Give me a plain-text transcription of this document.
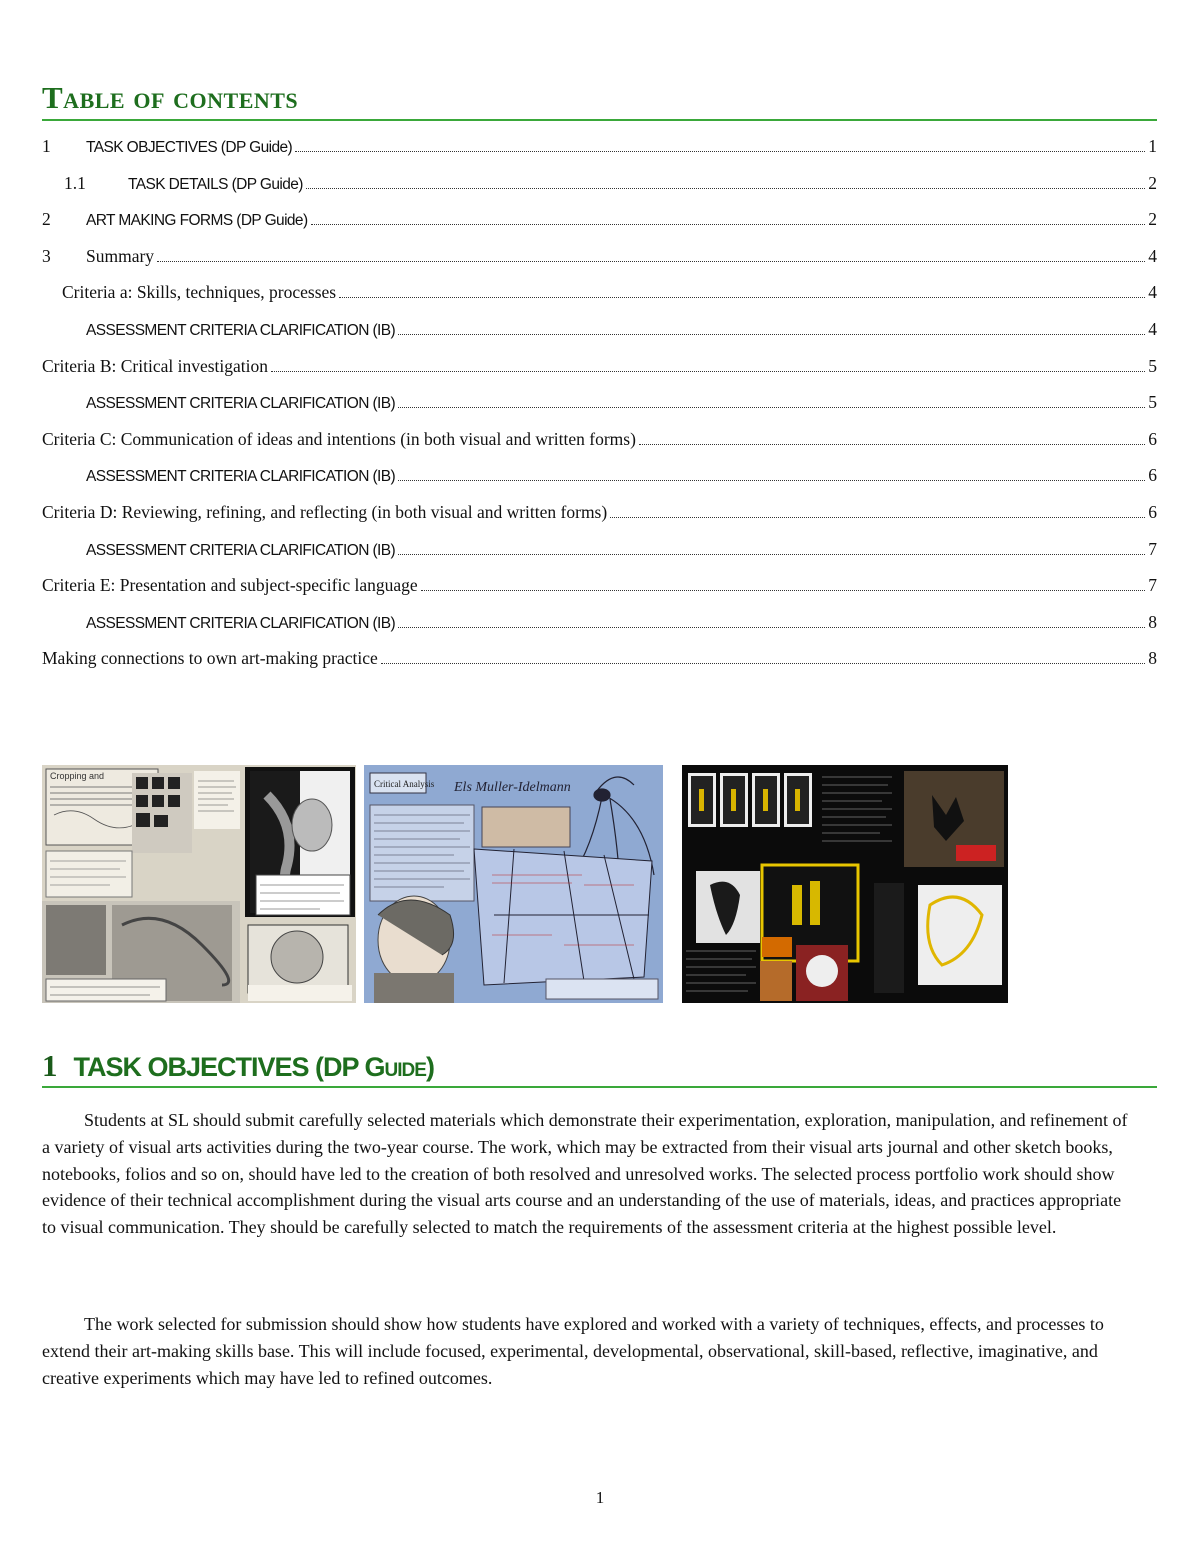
Table of contents
1	TASK OBJECTIVES (DP Guide)	1
1.1	TASK DETAILS (DP Guide)	2
2	ART MAKING FORMS (DP Guide)	2
3	Summary	4
Criteria a: Skills, techniques, processes	4
ASSESSMENT CRITERIA CLARIFICATION (IB)	4
Criteria B: Critical investigation	5
ASSESSMENT CRITERIA CLARIFICATION (IB)	5
Criteria C: Communication of ideas and intentions (in both visual and written forms)	6
ASSESSMENT CRITERIA CLARIFICATION (IB)	6
Criteria D: Reviewing, refining, and reflecting (in both visual and written forms)	6
ASSESSMENT CRITERIA CLARIFICATION (IB)	7
Criteria E: Presentation and subject-specific language	7
ASSESSMENT CRITERIA CLARIFICATION (IB)	8
Making connections to own art-making practice	8
Cropping and
Critical Analysis Els Muller-Idelmann
1 TASK OBJECTIVES (DP Guide)

Students at SL should submit carefully selected materials which demonstrate their experimentation, exploration, manipulation, and refinement of a variety of visual arts activities during the two-year course. The work, which may be extracted from their visual arts journal and other sketch books, notebooks, folios and so on, should have led to the creation of both resolved and unresolved works. The selected process portfolio work should show evidence of their technical accomplishment during the visual arts course and an understanding of the use of materials, ideas, and practices appropriate to visual communication. They should be carefully selected to match the requirements of the assessment criteria at the highest possible level.

The work selected for submission should show how students have explored and worked with a variety of techniques, effects, and processes to extend their art-making skills base. This will include focused, experimental, developmental, observational, skill-based, reflective, imaginative, and creative experiments which may have led to refined outcomes.

1
